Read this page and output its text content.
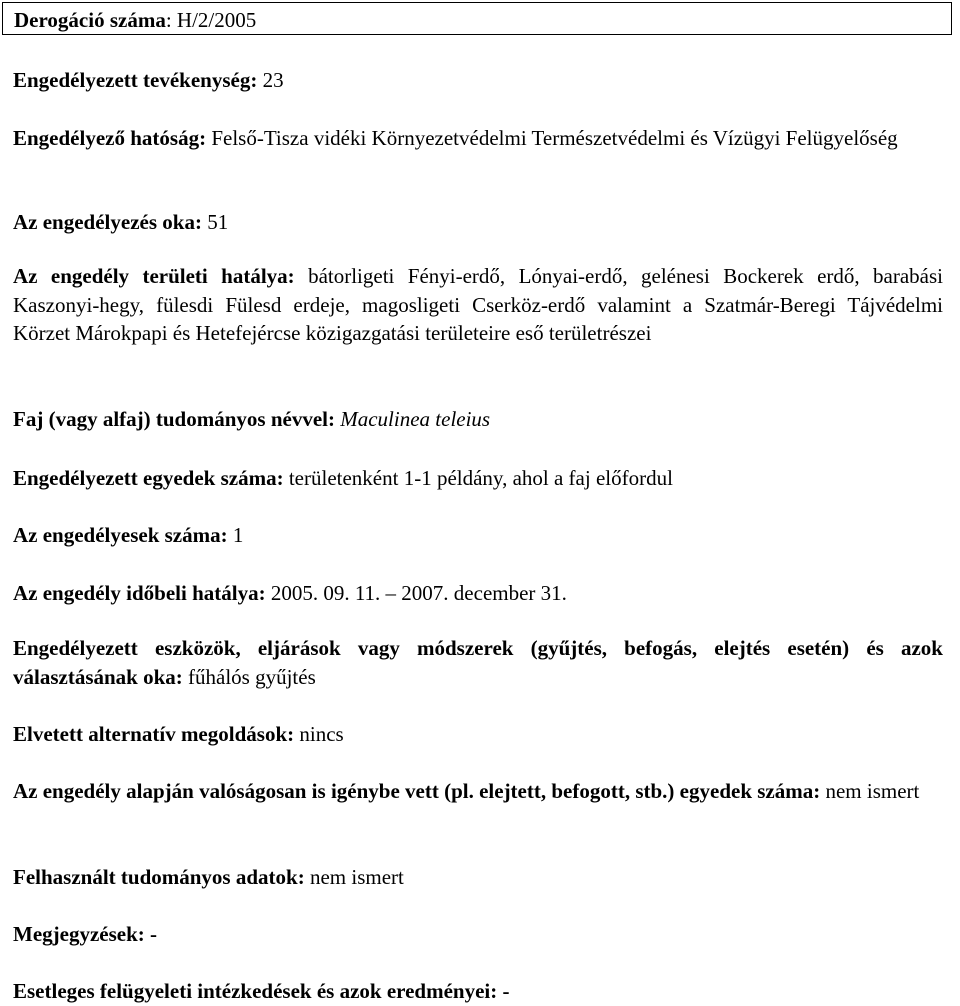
Derogáció száma: H/2/2005

Engedélyezett tevékenység: 23

Engedélyező hatóság: Felső-Tisza vidéki Környezetvédelmi Természetvédelmi és Vízügyi Felügyelőség

Az engedélyezés oka: 51

Az engedély területi hatálya: bátorligeti Fényi-erdő, Lónyai-erdő, gelénesi Bockerek erdő, barabási Kaszonyi-hegy, fülesdi Fülesd erdeje, magosligeti Cserköz-erdő valamint a Szatmár-Beregi Tájvédelmi Körzet Márokpapi és Hetefejércse közigazgatási területeire eső területrészei

Faj (vagy alfaj) tudományos névvel: Maculinea teleius

Engedélyezett egyedek száma: területenként 1-1 példány, ahol a faj előfordul

Az engedélyesek száma: 1

Az engedély időbeli hatálya: 2005. 09. 11. – 2007. december 31.

Engedélyezett eszközök, eljárások vagy módszerek (gyűjtés, befogás, elejtés esetén) és azok választásának oka: fűhálós gyűjtés

Elvetett alternatív megoldások: nincs

Az engedély alapján valóságosan is igénybe vett (pl. elejtett, befogott, stb.) egyedek száma: nem ismert

Felhasznált tudományos adatok: nem ismert

Megjegyzések: -

Esetleges felügyeleti intézkedések és azok eredményei: -
